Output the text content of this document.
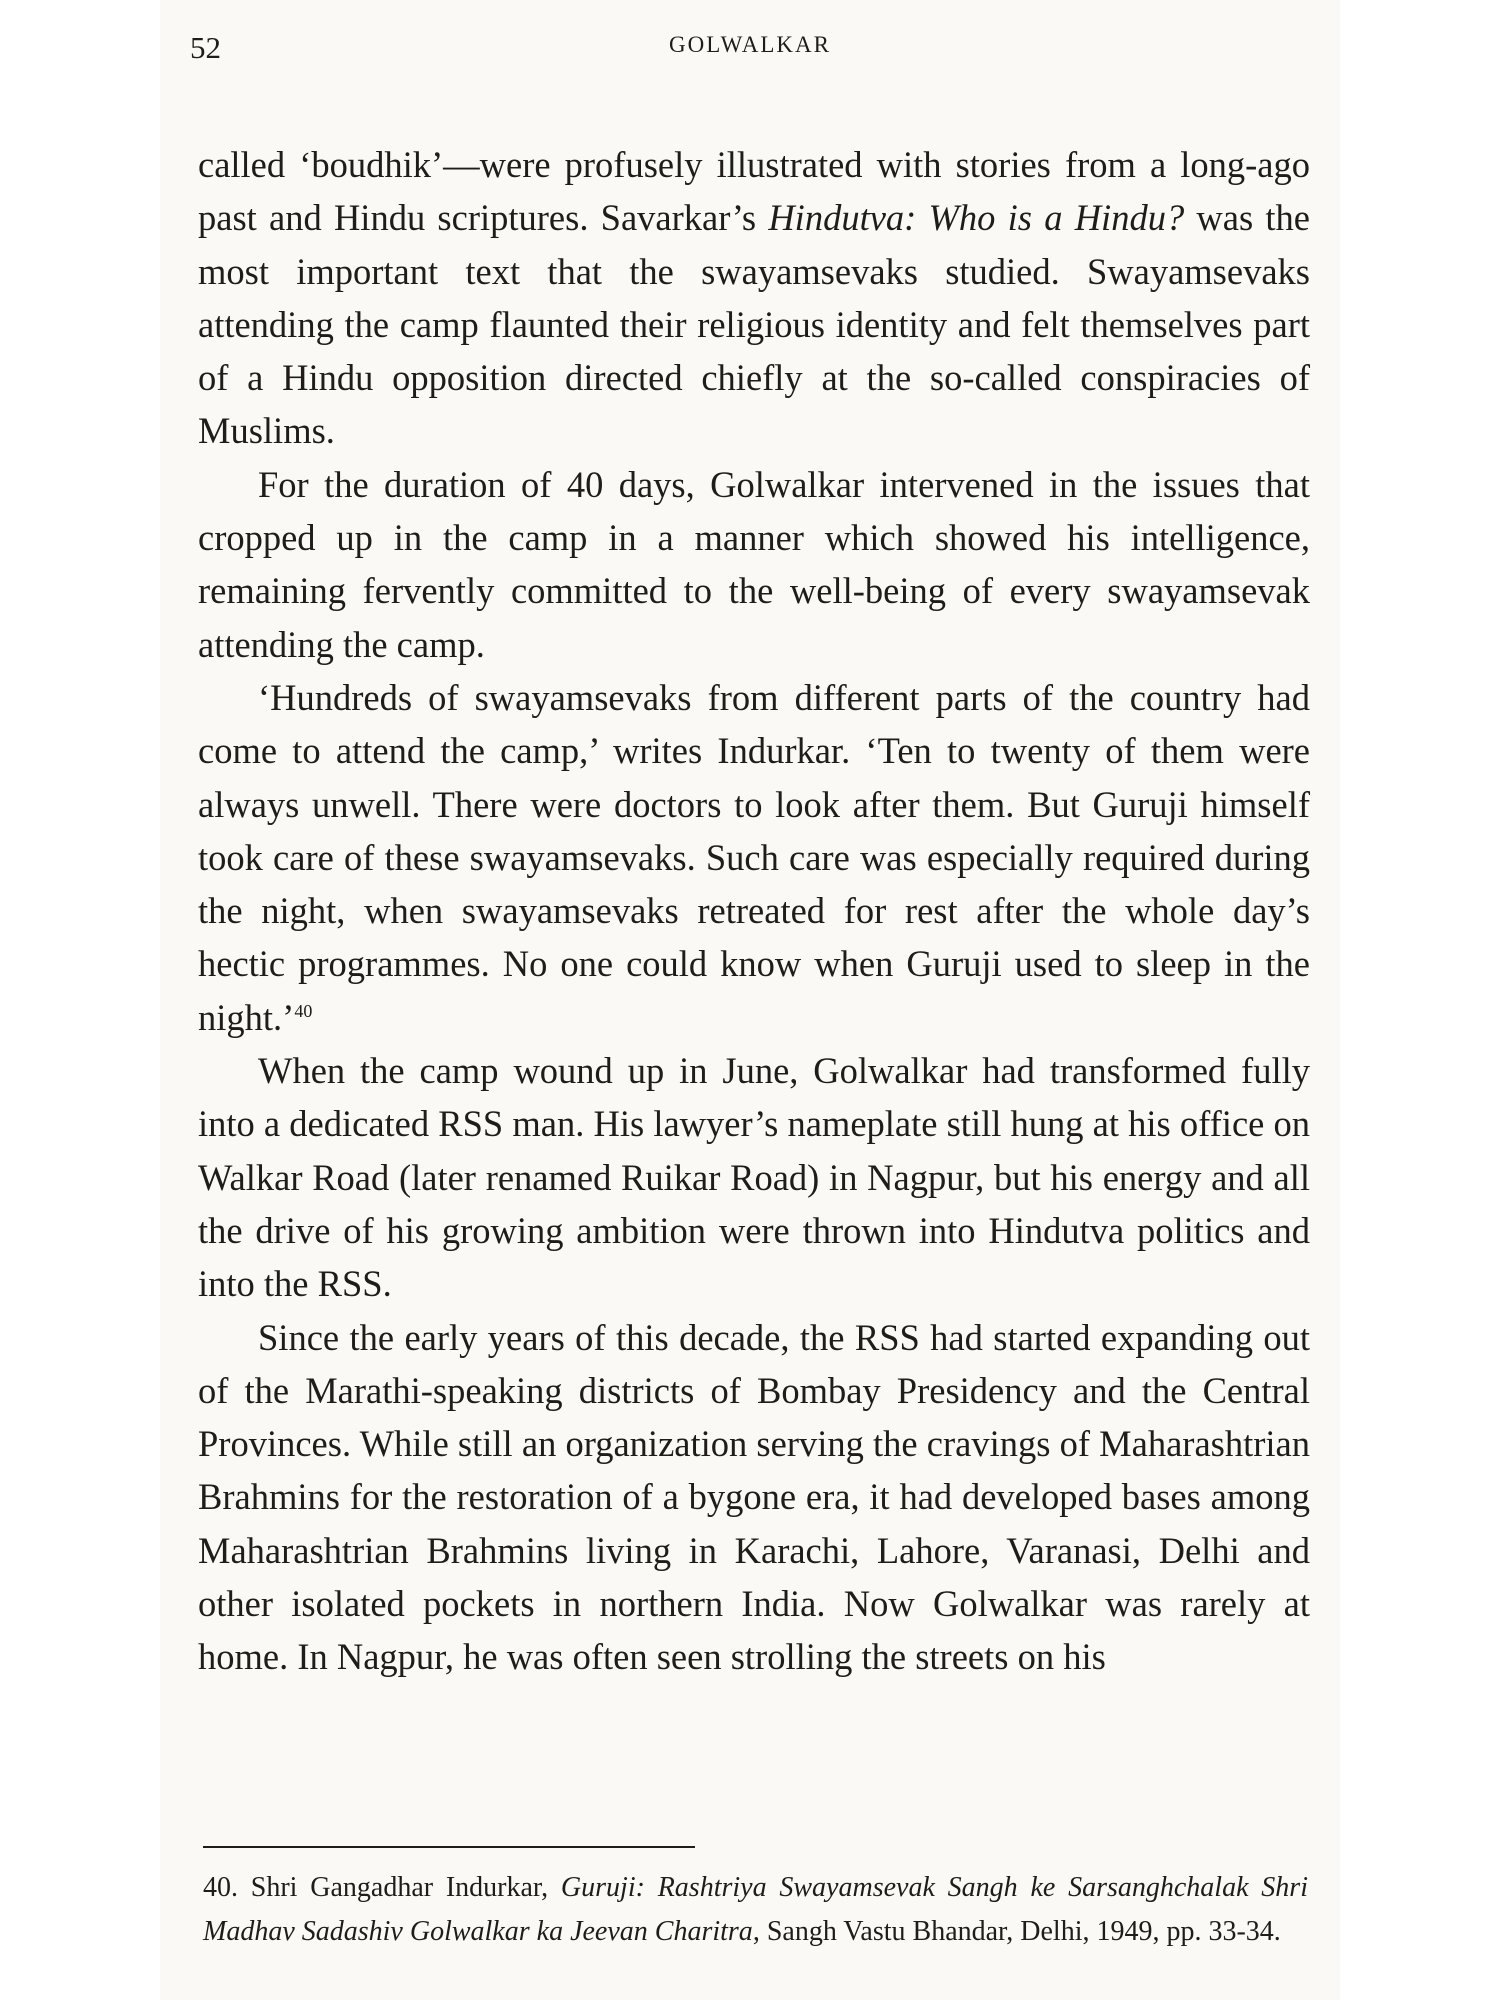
52	GOLWALKAR

called ‘boudhik’—were profusely illustrated with stories from a long-ago past and Hindu scriptures. Savarkar’s Hindutva: Who is a Hindu? was the most important text that the swayamsevaks studied. Swayamsevaks attending the camp flaunted their religious identity and felt themselves part of a Hindu opposition directed chiefly at the so-called conspiracies of Muslims.

For the duration of 40 days, Golwalkar intervened in the issues that cropped up in the camp in a manner which showed his intelligence, remaining fervently committed to the well-being of every swayamsevak attending the camp.

‘Hundreds of swayamsevaks from different parts of the country had come to attend the camp,’ writes Indurkar. ‘Ten to twenty of them were always unwell. There were doctors to look after them. But Guruji himself took care of these swayamsevaks. Such care was especially required during the night, when swayamsevaks retreated for rest after the whole day’s hectic programmes. No one could know when Guruji used to sleep in the night.’$^{40}$

When the camp wound up in June, Golwalkar had transformed fully into a dedicated RSS man. His lawyer’s nameplate still hung at his office on Walkar Road (later renamed Ruikar Road) in Nagpur, but his energy and all the drive of his growing ambition were thrown into Hindutva politics and into the RSS.

Since the early years of this decade, the RSS had started expanding out of the Marathi-speaking districts of Bombay Presidency and the Central Provinces. While still an organization serving the cravings of Maharashtrian Brahmins for the restoration of a bygone era, it had developed bases among Maharashtrian Brahmins living in Karachi, Lahore, Varanasi, Delhi and other isolated pockets in northern India. Now Golwalkar was rarely at home. In Nagpur, he was often seen strolling the streets on his

40. Shri Gangadhar Indurkar, Guruji: Rashtriya Swayamsevak Sangh ke Sarsanghchalak Shri Madhav Sadashiv Golwalkar ka Jeevan Charitra, Sangh Vastu Bhandar, Delhi, 1949, pp. 33-34.
